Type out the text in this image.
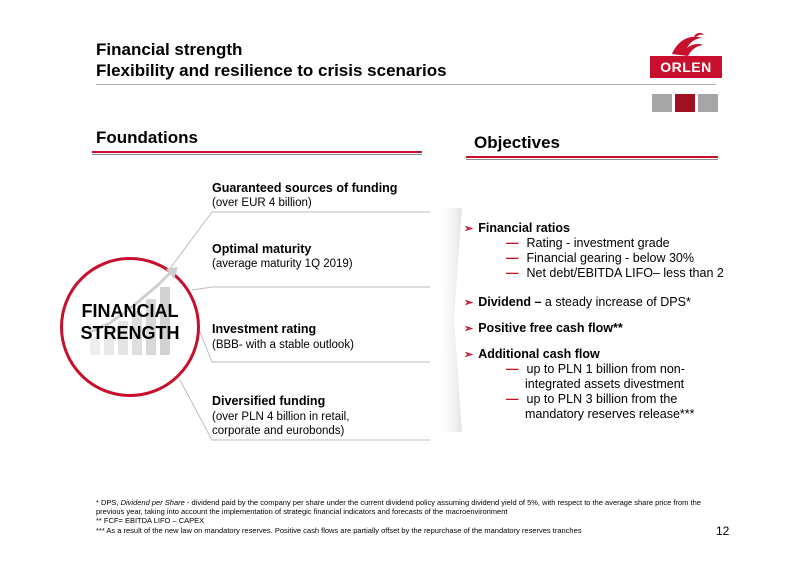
Financial strength
Flexibility and resilience to crisis scenarios	ORLEN
Foundations	Objectives
FINANCIAL
STRENGTH
Guaranteed sources of funding
(over EUR 4 billion)
Optimal maturity
(average maturity 1Q 2019)
Investment rating
(BBB- with a stable outlook)
Diversified funding
(over PLN 4 billion in retail,
corporate and eurobonds)
➢ Financial ratios
— Rating - investment grade
— Financial gearing - below 30%
— Net debt/EBITDA LIFO– less than 2
➢ Dividend – a steady increase of DPS*
➢ Positive free cash flow**
➢ Additional cash flow
— up to PLN 1 billion from non-
integrated assets divestment
— up to PLN 3 billion from the
mandatory reserves release***
* DPS, Dividend per Share - dividend paid by the company per share under the current dividend policy assuming dividend yield of 5%, with respect to the average share price from the
previous year, taking into account the implementation of strategic financial indicators and forecasts of the macroenvironment
** FCF= EBITDA LIFO – CAPEX
*** As a result of the new law on mandatory reserves. Positive cash flows are partially offset by the repurchase of the mandatory reserves tranches	12
